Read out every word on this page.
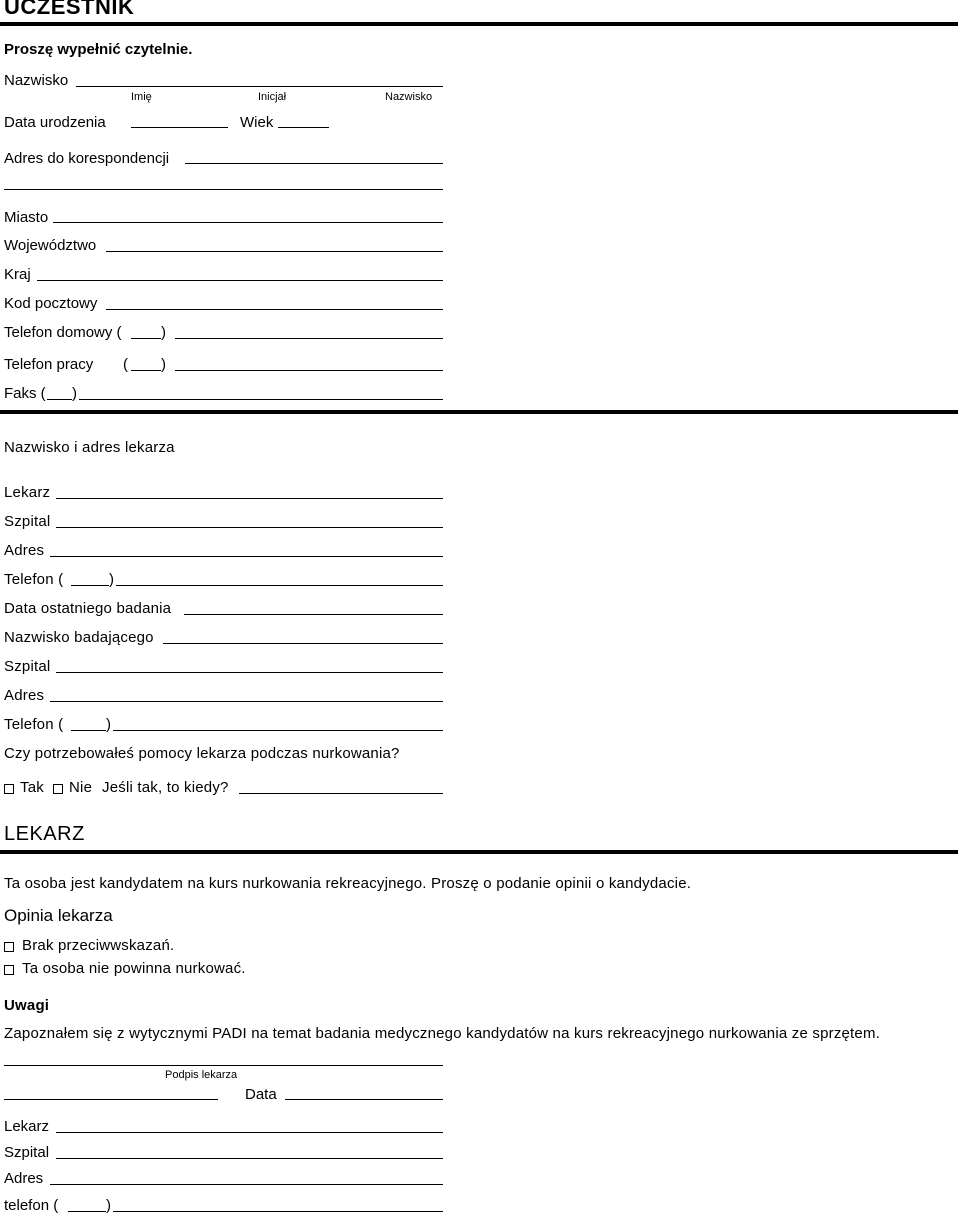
UCZESTNIK
Proszę wypełnić czytelnie.
Nazwisko
Imię	Inicjał	Nazwisko
Data urodzenia	Wiek
Adres do korespondencji
Miasto
Województwo
Kraj
Kod pocztowy
Telefon domowy (	)
Telefon pracy ( )
Faks ( )
Nazwisko i adres lekarza
Lekarz
Szpital
Adres
Telefon (	)
Data ostatniego badania
Nazwisko badającego
Szpital
Adres
Telefon (	)
Czy potrzebowałeś pomocy lekarza podczas nurkowania?
Tak Nie Jeśli tak, to kiedy?
LEKARZ
Ta osoba jest kandydatem na kurs nurkowania rekreacyjnego. Proszę o podanie opinii o kandydacie.
Opinia lekarza
Brak przeciwwskazań.
Ta osoba nie powinna nurkować.
Uwagi
Zapoznałem się z wytycznymi PADI na temat badania medycznego kandydatów na kurs rekreacyjnego nurkowania ze sprzętem.
Podpis lekarza
Data
Lekarz
Szpital
Adres
telefon (	)
